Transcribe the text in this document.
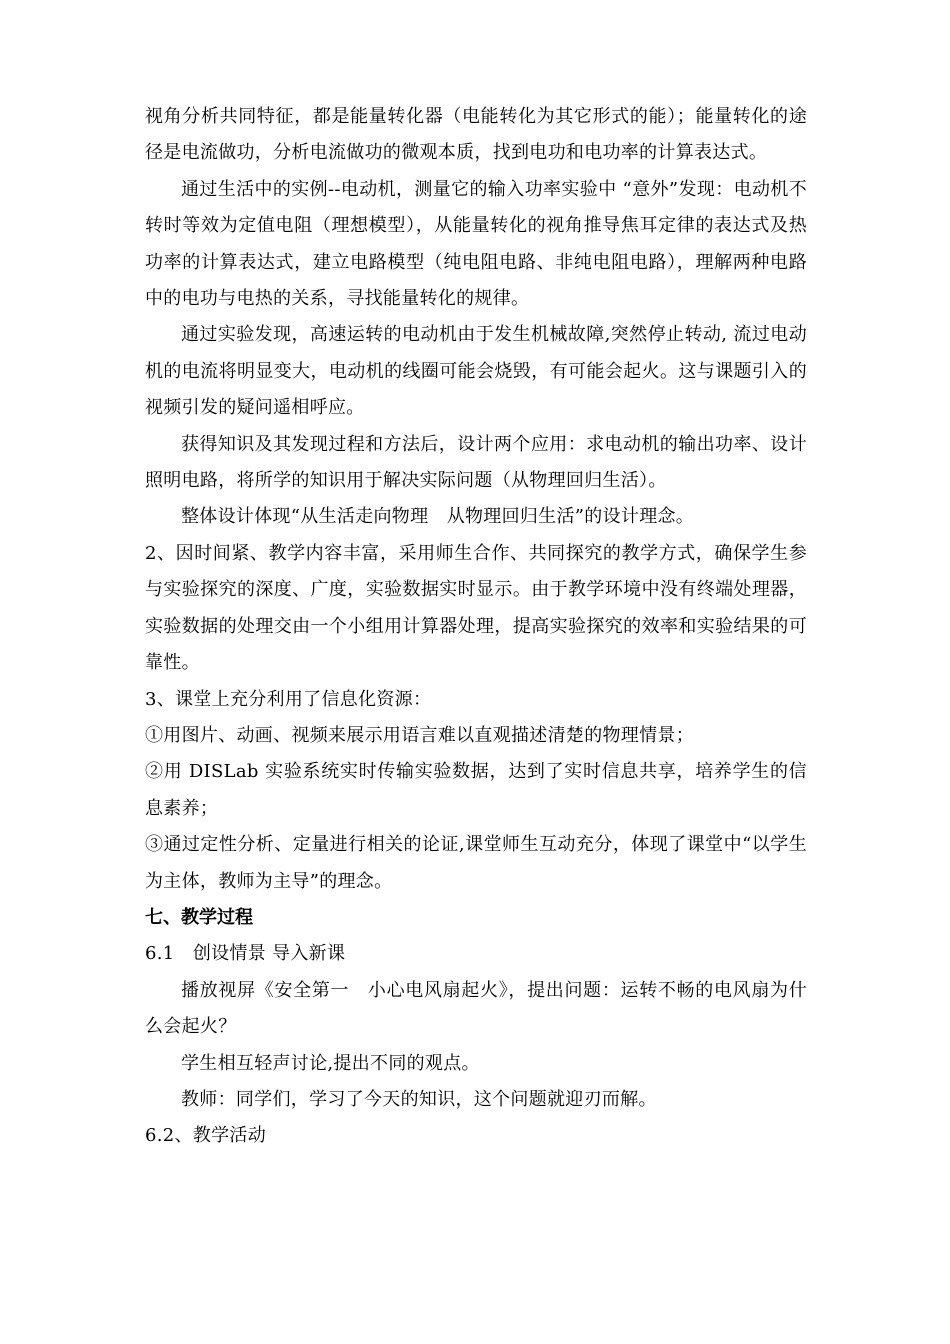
视角分析共同特征，都是能量转化器（电能转化为其它形式的能）；能量转化的途径是电流做功，分析电流做功的微观本质，找到电功和电功率的计算表达式。

通过生活中的实例--电动机，测量它的输入功率实验中 “意外”发现：电动机不转时等效为定值电阻（理想模型），从能量转化的视角推导焦耳定律的表达式及热功率的计算表达式，建立电路模型（纯电阻电路、非纯电阻电路），理解两种电路中的电功与电热的关系，寻找能量转化的规律。

通过实验发现，高速运转的电动机由于发生机械故障,突然停止转动, 流过电动机的电流将明显变大，电动机的线圈可能会烧毁，有可能会起火。这与课题引入的视频引发的疑问遥相呼应。

获得知识及其发现过程和方法后，设计两个应用：求电动机的输出功率、设计照明电路，将所学的知识用于解决实际问题（从物理回归生活）。

整体设计体现“从生活走向物理　从物理回归生活”的设计理念。

2、因时间紧、教学内容丰富，采用师生合作、共同探究的教学方式，确保学生参与实验探究的深度、广度，实验数据实时显示。由于教学环境中没有终端处理器，实验数据的处理交由一个小组用计算器处理，提高实验探究的效率和实验结果的可靠性。

3、课堂上充分利用了信息化资源：

①用图片、动画、视频来展示用语言难以直观描述清楚的物理情景；

②用 DISLab 实验系统实时传输实验数据，达到了实时信息共享，培养学生的信息素养；

③通过定性分析、定量进行相关的论证,课堂师生互动充分，体现了课堂中“以学生为主体，教师为主导”的理念。

七、教学过程

6.1　创设情景 导入新课

播放视屏《安全第一　小心电风扇起火》，提出问题：运转不畅的电风扇为什么会起火？

学生相互轻声讨论,提出不同的观点。

教师：同学们，学习了今天的知识，这个问题就迎刃而解。

6.2、教学活动
